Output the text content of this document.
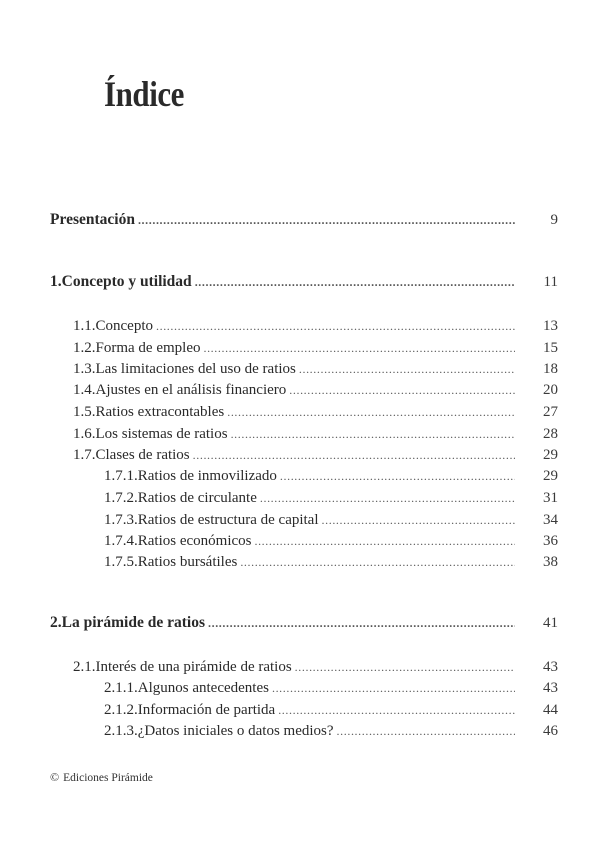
Índice
Presentación .....	9
1. Concepto y utilidad .....	11
1.1. Concepto .....	13
1.2. Forma de empleo .....	15
1.3. Las limitaciones del uso de ratios .....	18
1.4. Ajustes en el análisis financiero .....	20
1.5. Ratios extracontables .....	27
1.6. Los sistemas de ratios .....	28
1.7. Clases de ratios .....	29
1.7.1. Ratios de inmovilizado .....	29
1.7.2. Ratios de circulante .....	31
1.7.3. Ratios de estructura de capital .....	34
1.7.4. Ratios económicos .....	36
1.7.5. Ratios bursátiles .....	38
2. La pirámide de ratios .....	41
2.1. Interés de una pirámide de ratios .....	43
2.1.1. Algunos antecedentes .....	43
2.1.2. Información de partida .....	44
2.1.3. ¿Datos iniciales o datos medios? .....	46
© Ediciones Pirámide
